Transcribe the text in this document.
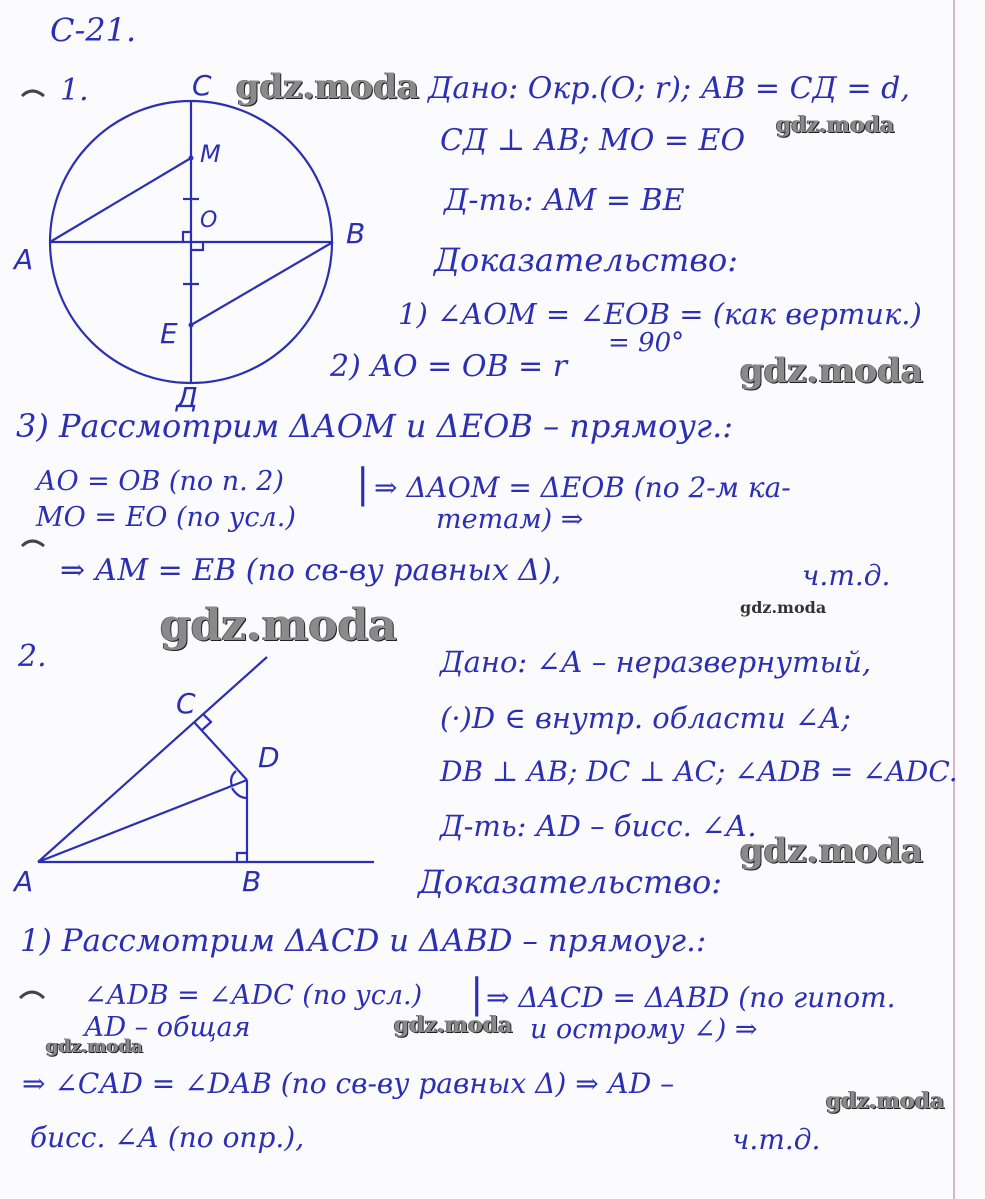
С-21.
1.	C
М
О
А
B
Е
Д
Дано: Окр.(О; r); АВ = СД = d,
СД ⊥ АВ; МО = ЕО
Д-ть: АМ = ВЕ
Доказательство:
1) ∠АОМ = ∠ЕОВ = (как вертик.)
= 90°
2) АО = ОВ = r
3) Рассмотрим ΔАОМ и ΔЕОВ – прямоуг.:
АО = ОВ (по п. 2)
МО = ЕО (по усл.)
| ⇒ ΔАОМ = ΔЕОВ (по 2-м ка-
тетам) ⇒
⇒ АМ = ЕВ (по св-ву равных Δ),	ч.т.д.
2.
C
D
А	B
Дано: ∠А – неразвернутый,
(·)D ∈ внутр. области ∠А;
DB ⊥ AB; DC ⊥ AC; ∠ADB = ∠ADC.
Д-ть: АD – бисс. ∠А.
Доказательство:
1) Рассмотрим ΔАСD и ΔАВD – прямоуг.:
∠АDВ = ∠АDС (по усл.)
АD – общая
| ⇒ ΔАСD = ΔАВD (по гипот.
и острому ∠) ⇒
⇒ ∠САD = ∠DАВ (по св-ву равных Δ) ⇒ АD –
бисс. ∠А (по опр.),	ч.т.д.
gdz.moda
gdz.moda
gdz.moda
gdz.moda
gdz.moda
gdz.moda
gdz.moda
gdz.moda
gdz.moda
